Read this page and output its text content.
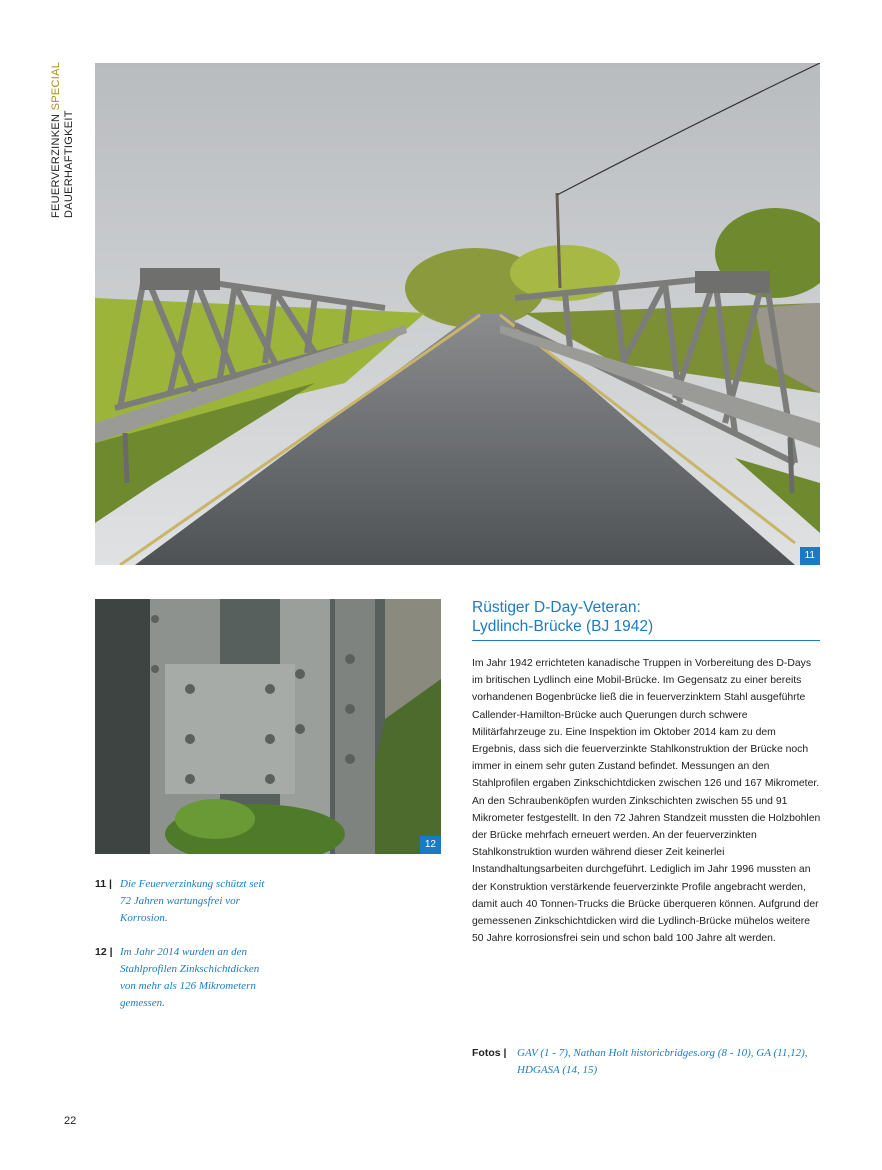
FEUERVERZINKEN SPECIAL
DAUERHAFTIGKEIT
11
12
Rüstiger D-Day-Veteran:
Lydlinch-Brücke (BJ 1942)
Im Jahr 1942 errichteten kanadische Truppen in Vorbereitung des D-Days im britischen Lydlinch eine Mobil-Brücke. Im Gegensatz zu einer bereits vorhandenen Bogenbrücke ließ die in feuerverzinktem Stahl ausgeführte Callender-Hamilton-Brücke auch Querungen durch schwere Militärfahrzeuge zu. Eine Inspektion im Oktober 2014 kam zu dem Ergebnis, dass sich die feuerverzinkte Stahlkonstruktion der Brücke noch immer in einem sehr guten Zustand befindet. Messungen an den Stahlprofilen ergaben Zinkschichtdicken zwischen 126 und 167 Mikrometer. An den Schraubenköpfen wurden Zinkschichten zwischen 55 und 91 Mikrometer festgestellt. In den 72 Jahren Standzeit mussten die Holzbohlen der Brücke mehrfach erneuert werden. An der feuerverzinkten Stahlkonstruktion wurden während dieser Zeit keinerlei Instandhaltungsarbeiten durchgeführt. Lediglich im Jahr 1996 mussten an der Konstruktion verstärkende feuerverzinkte Profile angebracht werden, damit auch 40 Tonnen-Trucks die Brücke überqueren können. Aufgrund der gemessenen Zinkschichtdicken wird die Lydlinch-Brücke mühelos weitere 50 Jahre korrosionsfrei sein und schon bald 100 Jahre alt werden.
11 | Die Feuerverzinkung schützt seit 72 Jahren wartungsfrei vor Korrosion.
12 | Im Jahr 2014 wurden an den Stahlprofilen Zinkschichtdicken von mehr als 126 Mikrometern gemessen.
Fotos | GAV (1 - 7), Nathan Holt historicbridges.org (8 - 10), GA (11,12), HDGASA (14, 15)
22
